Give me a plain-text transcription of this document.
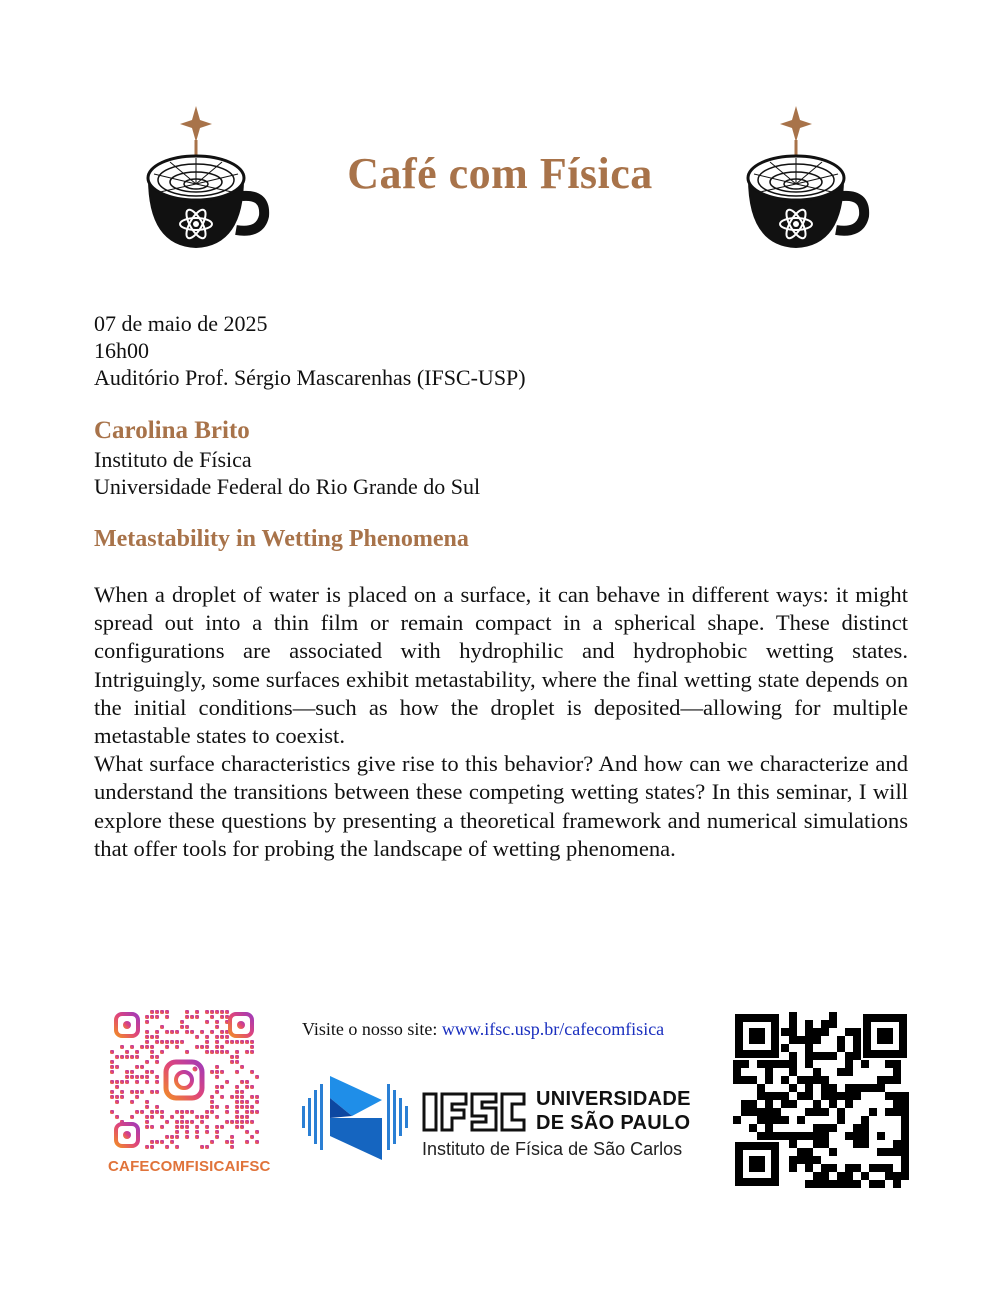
Café com Física
07 de maio de 2025
16h00
Auditório Prof. Sérgio Mascarenhas (IFSC-USP)
Carolina Brito
Instituto de Física
Universidade Federal do Rio Grande do Sul
Metastability in Wetting Phenomena

When a droplet of water is placed on a surface, it can behave in different ways: it might spread out into a thin film or remain compact in a spherical shape. These distinct configurations are associated with hydrophilic and hydrophobic wetting states. Intriguingly, some surfaces exhibit metastability, where the final wetting state depends on the initial conditions—such as how the droplet is deposited—allowing for multiple metastable states to coexist.

What surface characteristics give rise to this behavior? And how can we characterize and understand the transitions between these competing wetting states? In this seminar, I will explore these questions by presenting a theoretical framework and numerical simulations that offer tools for probing the landscape of wetting phenomena.

CAFECOMFISICAIFSC
Visite o nosso site: www.ifsc.usp.br/cafecomfisica
UNIVERSIDADE
DE SÃO PAULO
Instituto de Física de São Carlos
